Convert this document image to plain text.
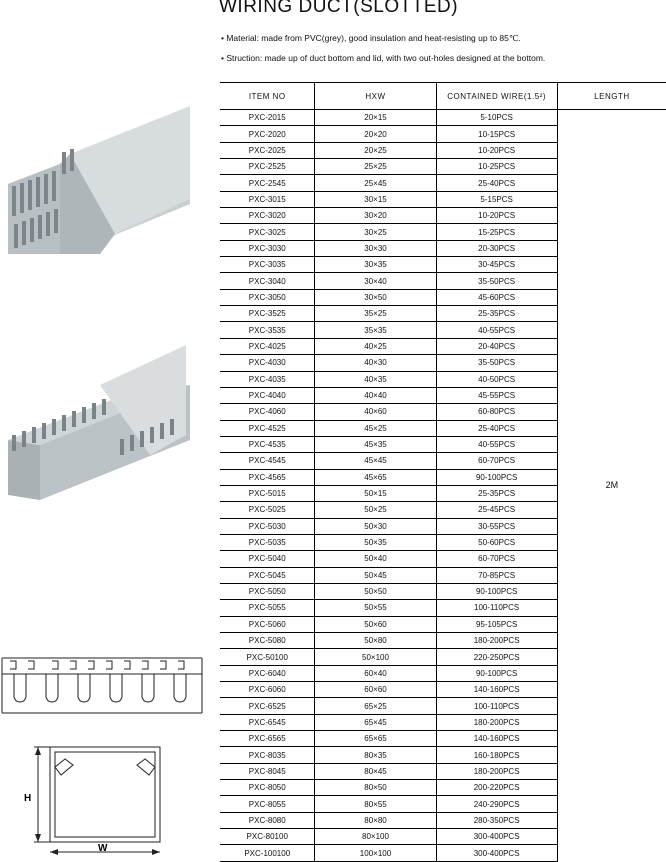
WIRING DUCT(SLOTTED)
• Material: made from PVC(grey), good insulation and heat-resisting up to 85℃.
• Struction: made up of duct bottom and lid, with two out-holes designed at the bottom.
ITEM NO	HXW	CONTAINED WIRE(1.5²)	LENGTH
PXC-2015	20×15	5-10PCS	2M
PXC-2020	20×20	10-15PCS	
PXC-2025	20×25	10-20PCS	
PXC-2525	25×25	10-25PCS	
PXC-2545	25×45	25-40PCS	
PXC-3015	30×15	5-15PCS	
PXC-3020	30×20	10-20PCS	
PXC-3025	30×25	15-25PCS	
PXC-3030	30×30	20-30PCS	
PXC-3035	30×35	30-45PCS	
PXC-3040	30×40	35-50PCS	
PXC-3050	30×50	45-60PCS	
PXC-3525	35×25	25-35PCS	
PXC-3535	35×35	40-55PCS	
PXC-4025	40×25	20-40PCS	
PXC-4030	40×30	35-50PCS	
PXC-4035	40×35	40-50PCS	
PXC-4040	40×40	45-55PCS	
PXC-4060	40×60	60-80PCS	
PXC-4525	45×25	25-40PCS	
PXC-4535	45×35	40-55PCS	
PXC-4545	45×45	60-70PCS	
PXC-4565	45×65	90-100PCS	
PXC-5015	50×15	25-35PCS	
PXC-5025	50×25	25-45PCS	
PXC-5030	50×30	30-55PCS	
PXC-5035	50×35	50-60PCS	
PXC-5040	50×40	60-70PCS	
PXC-5045	50×45	70-85PCS	
PXC-5050	50×50	90-100PCS	
PXC-5055	50×55	100-110PCS	
PXC-5060	50×60	95-105PCS	
PXC-5080	50×80	180-200PCS	
PXC-50100	50×100	220-250PCS	
PXC-6040	60×40	90-100PCS	
PXC-6060	60×60	140-160PCS	
PXC-6525	65×25	100-110PCS	
PXC-6545	65×45	180-200PCS	
PXC-6565	65×65	140-160PCS	
PXC-8035	80×35	160-180PCS	
PXC-8045	80×45	180-200PCS	
PXC-8050	80×50	200-220PCS	
PXC-8055	80×55	240-290PCS	
PXC-8080	80×80	280-350PCS	
PXC-80100	80×100	300-400PCS	
PXC-100100	100×100	300-400PCS	
H
W
